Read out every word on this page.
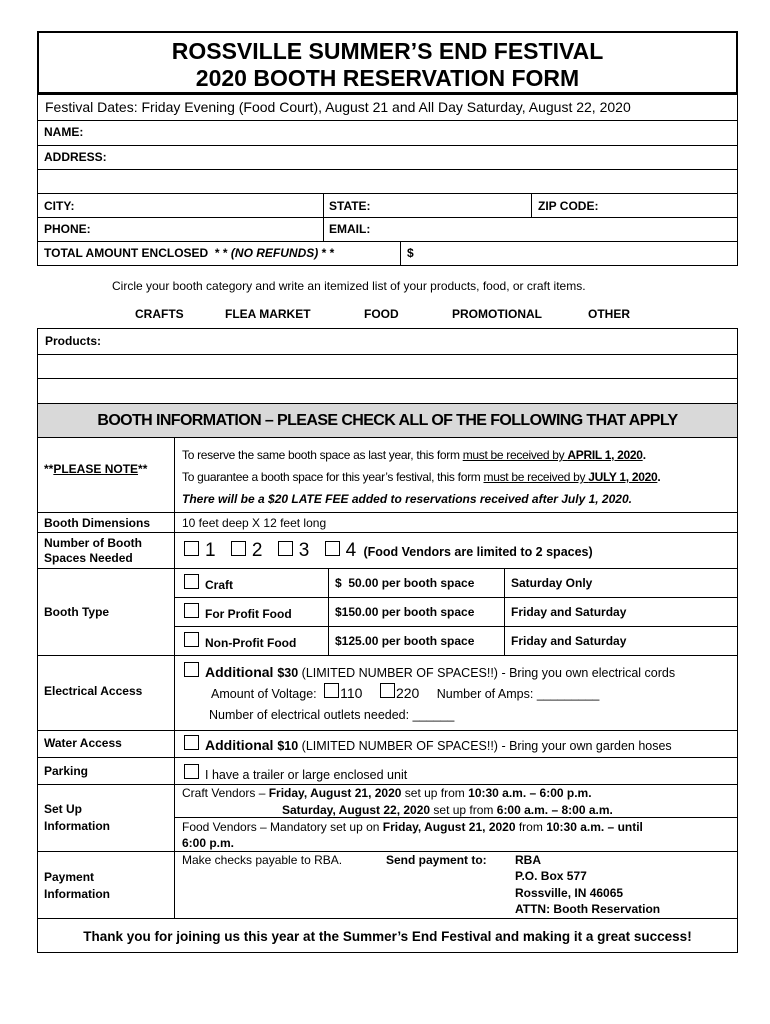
ROSSVILLE SUMMER’S END FESTIVAL
2020 BOOTH RESERVATION FORM
Festival Dates: Friday Evening (Food Court), August 21 and All Day Saturday, August 22, 2020
NAME:
ADDRESS:
CITY:	STATE:	ZIP CODE:
PHONE:	EMAIL:
TOTAL AMOUNT ENCLOSED  * * (NO REFUNDS) * *	$
Circle your booth category and write an itemized list of your products, food, or craft items.
CRAFTS	FLEA MARKET	FOOD	PROMOTIONAL	OTHER
Products:
BOOTH INFORMATION – PLEASE CHECK ALL OF THE FOLLOWING THAT APPLY
**PLEASE NOTE**
To reserve the same booth space as last year, this form must be received by APRIL 1, 2020.
To guarantee a booth space for this year’s festival, this form must be received by JULY 1, 2020.
There will be a $20 LATE FEE added to reservations received after July 1, 2020.
Booth Dimensions	10 feet deep X 12 feet long
Number of Booth Spaces Needed	1 2 3 4 (Food Vendors are limited to 2 spaces)
Booth Type
Craft	$  50.00 per booth space	Saturday Only
For Profit Food	$150.00 per booth space	Friday and Saturday
Non-Profit Food	$125.00 per booth space	Friday and Saturday
Electrical Access
Additional $30 (LIMITED NUMBER OF SPACES!!) - Bring you own electrical cords
Amount of Voltage: 110 220 Number of Amps: _________
Number of electrical outlets needed: ______
Water Access	Additional $10 (LIMITED NUMBER OF SPACES!!) - Bring your own garden hoses
Parking	I have a trailer or large enclosed unit
Set Up Information
Craft Vendors – Friday, August 21, 2020 set up from 10:30 a.m. – 6:00 p.m.
Saturday, August 22, 2020 set up from 6:00 a.m. – 8:00 a.m.
Food Vendors – Mandatory set up on Friday, August 21, 2020 from 10:30 a.m. – until
6:00 p.m.
Payment Information
Make checks payable to RBA.	Send payment to: RBA
P.O. Box 577
Rossville, IN 46065
ATTN: Booth Reservation
Thank you for joining us this year at the Summer’s End Festival and making it a great success!
